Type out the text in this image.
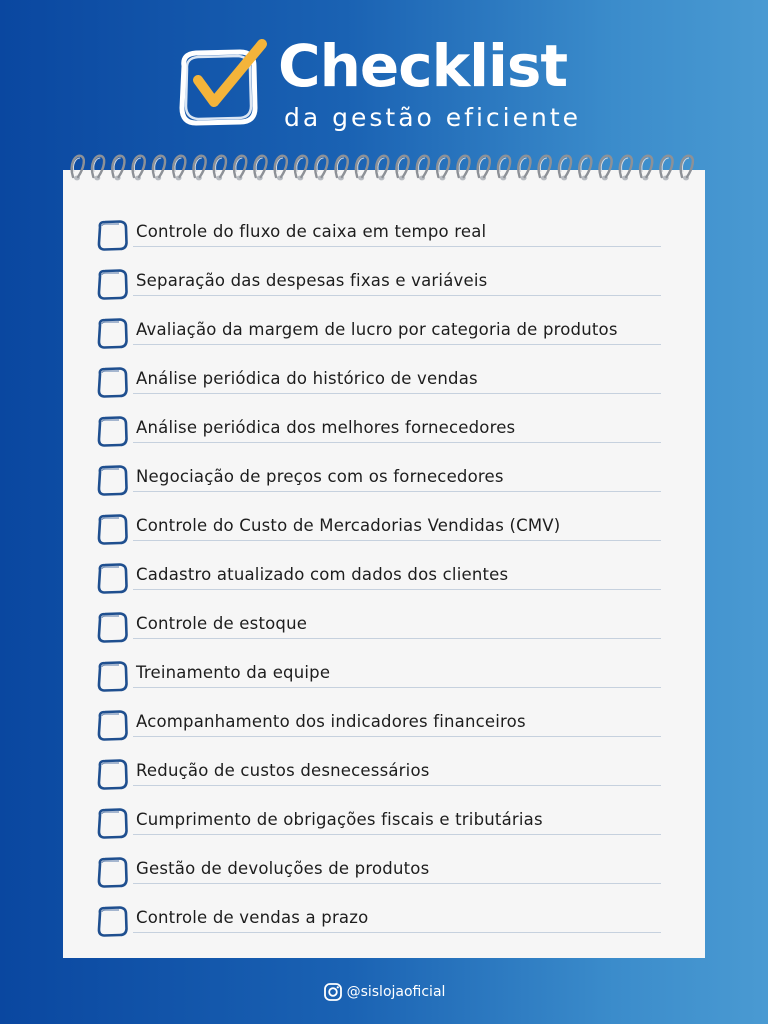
Checklist
da gestão eficiente
Controle do fluxo de caixa em tempo real
Separação das despesas fixas e variáveis
Avaliação da margem de lucro por categoria de produtos
Análise periódica do histórico de vendas
Análise periódica dos melhores fornecedores
Negociação de preços com os fornecedores
Controle do Custo de Mercadorias Vendidas (CMV)
Cadastro atualizado com dados dos clientes
Controle de estoque
Treinamento da equipe
Acompanhamento dos indicadores financeiros
Redução de custos desnecessários
Cumprimento de obrigações fiscais e tributárias
Gestão de devoluções de produtos
Controle de vendas a prazo
@sislojaoficial
